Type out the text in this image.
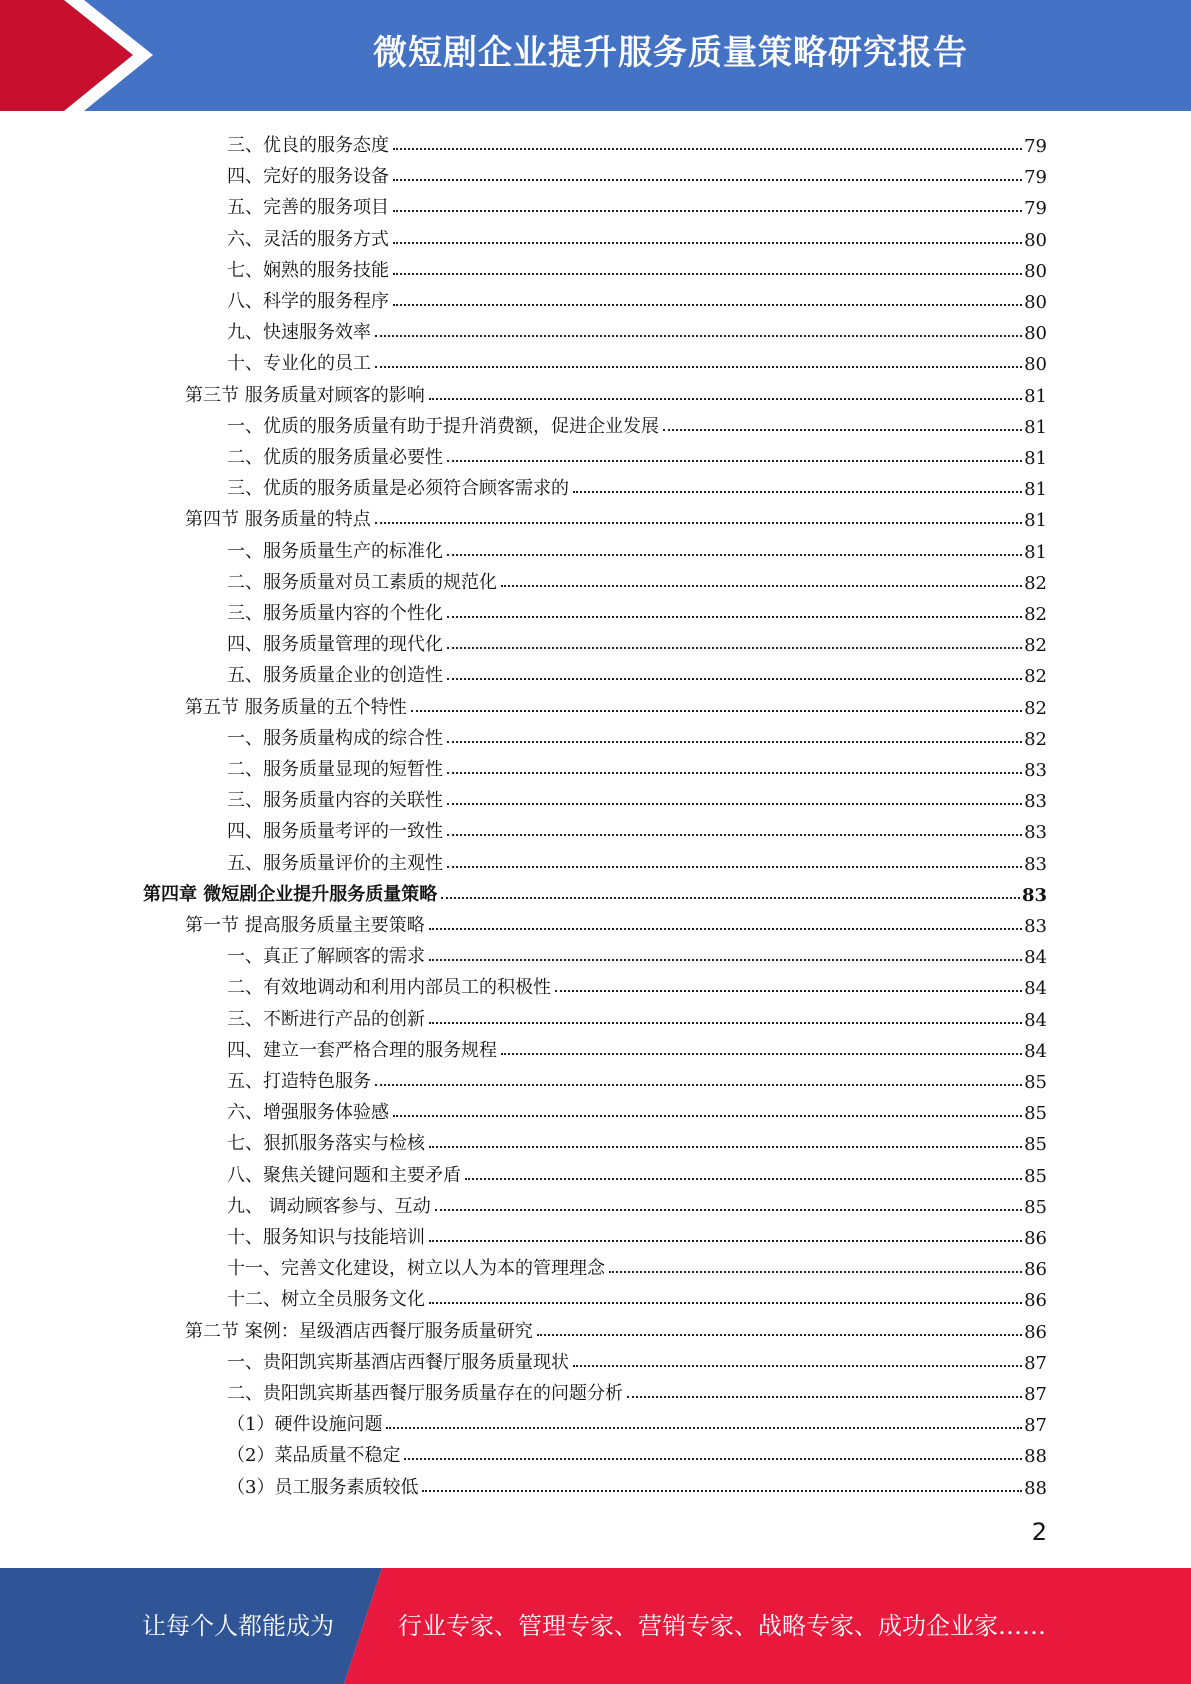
微短剧企业提升服务质量策略研究报告
三、优良的服务态度	79
四、完好的服务设备	79
五、完善的服务项目	79
六、灵活的服务方式	80
七、娴熟的服务技能	80
八、科学的服务程序	80
九、快速服务效率	80
十、专业化的员工	80
第三节 服务质量对顾客的影响	81
一、优质的服务质量有助于提升消费额，促进企业发展	81
二、优质的服务质量必要性	81
三、优质的服务质量是必须符合顾客需求的	81
第四节 服务质量的特点	81
一、服务质量生产的标准化	81
二、服务质量对员工素质的规范化	82
三、服务质量内容的个性化	82
四、服务质量管理的现代化	82
五、服务质量企业的创造性	82
第五节 服务质量的五个特性	82
一、服务质量构成的综合性	82
二、服务质量显现的短暂性	83
三、服务质量内容的关联性	83
四、服务质量考评的一致性	83
五、服务质量评价的主观性	83
第四章 微短剧企业提升服务质量策略	83
第一节 提高服务质量主要策略	83
一、真正了解顾客的需求	84
二、有效地调动和利用内部员工的积极性	84
三、不断进行产品的创新	84
四、建立一套严格合理的服务规程	84
五、打造特色服务	85
六、增强服务体验感	85
七、狠抓服务落实与检核	85
八、聚焦关键问题和主要矛盾	85
九、 调动顾客参与、互动	85
十、服务知识与技能培训	86
十一、完善文化建设，树立以人为本的管理理念	86
十二、树立全员服务文化	86
第二节 案例：星级酒店西餐厅服务质量研究	86
一、贵阳凯宾斯基酒店西餐厅服务质量现状	87
二、贵阳凯宾斯基西餐厅服务质量存在的问题分析	87
（1）硬件设施问题	87
（2）菜品质量不稳定	88
（3）员工服务素质较低	88
2
让每个人都能成为	行业专家、管理专家、营销专家、战略专家、成功企业家……
